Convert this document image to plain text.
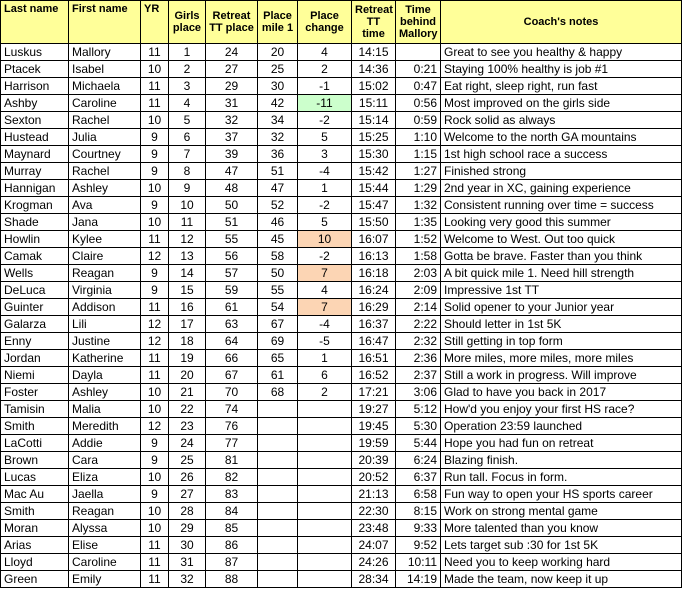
Last name	First name	YR	Girls place	Retreat TT place	Place mile 1	Place change	Retreat TT time	Time behind Mallory	Coach's notes
Luskus	Mallory	11	1	24	20	4	14:15		Great to see you healthy & happy
Ptacek	Isabel	10	2	27	25	2	14:36	0:21	Staying 100% healthy is job #1
Harrison	Michaela	11	3	29	30	-1	15:02	0:47	Eat right, sleep right, run fast
Ashby	Caroline	11	4	31	42	-11	15:11	0:56	Most improved on the girls side
Sexton	Rachel	10	5	32	34	-2	15:14	0:59	Rock solid as always
Hustead	Julia	9	6	37	32	5	15:25	1:10	Welcome to the north GA mountains
Maynard	Courtney	9	7	39	36	3	15:30	1:15	1st high school race a success
Murray	Rachel	9	8	47	51	-4	15:42	1:27	Finished strong
Hannigan	Ashley	10	9	48	47	1	15:44	1:29	2nd year in XC, gaining experience
Krogman	Ava	9	10	50	52	-2	15:47	1:32	Consistent running over time = success
Shade	Jana	10	11	51	46	5	15:50	1:35	Looking very good this summer
Howlin	Kylee	11	12	55	45	10	16:07	1:52	Welcome to West. Out too quick
Camak	Claire	12	13	56	58	-2	16:13	1:58	Gotta be brave. Faster than you think
Wells	Reagan	9	14	57	50	7	16:18	2:03	A bit quick mile 1. Need hill strength
DeLuca	Virginia	9	15	59	55	4	16:24	2:09	Impressive 1st TT
Guinter	Addison	11	16	61	54	7	16:29	2:14	Solid opener to your Junior year
Galarza	Lili	12	17	63	67	-4	16:37	2:22	Should letter in 1st 5K
Enny	Justine	12	18	64	69	-5	16:47	2:32	Still getting in top form
Jordan	Katherine	11	19	66	65	1	16:51	2:36	More miles, more miles, more miles
Niemi	Dayla	11	20	67	61	6	16:52	2:37	Still a work in progress. Will improve
Foster	Ashley	10	21	70	68	2	17:21	3:06	Glad to have you back in 2017
Tamisin	Malia	10	22	74			19:27	5:12	How'd you enjoy your first HS race?
Smith	Meredith	12	23	76			19:45	5:30	Operation 23:59 launched
LaCotti	Addie	9	24	77			19:59	5:44	Hope you had fun on retreat
Brown	Cara	9	25	81			20:39	6:24	Blazing finish.
Lucas	Eliza	10	26	82			20:52	6:37	Run tall. Focus in form.
Mac Au	Jaella	9	27	83			21:13	6:58	Fun way to open your HS sports career
Smith	Reagan	10	28	84			22:30	8:15	Work on strong mental game
Moran	Alyssa	10	29	85			23:48	9:33	More talented than you know
Arias	Elise	11	30	86			24:07	9:52	Lets target sub :30 for 1st 5K
Lloyd	Caroline	11	31	87			24:26	10:11	Need you to keep working hard
Green	Emily	11	32	88			28:34	14:19	Made the team, now keep it up
